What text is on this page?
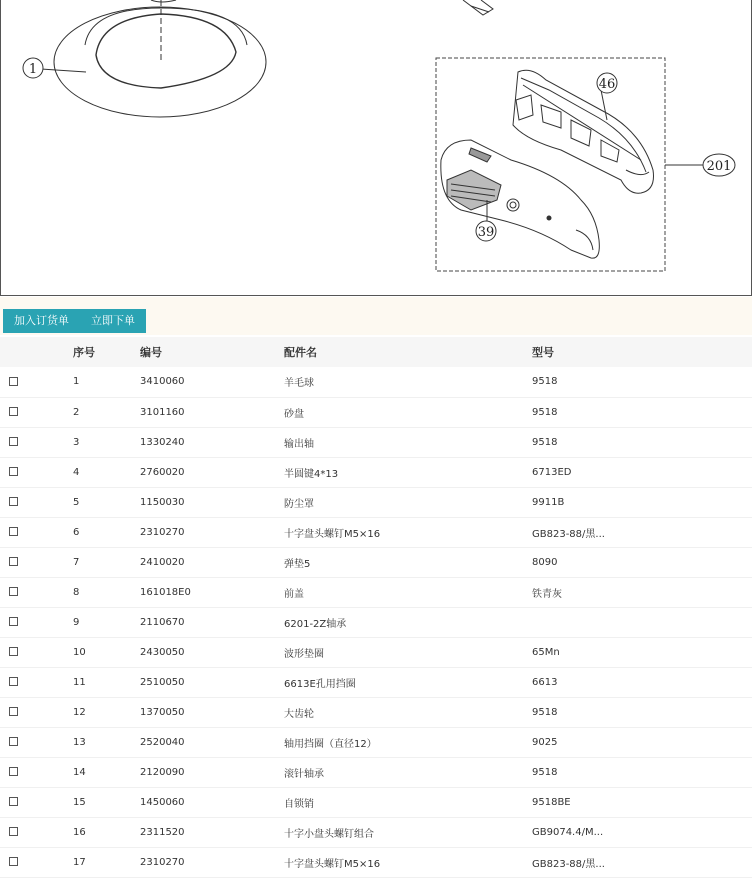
1
201
46
39
加入订货单	立即下单
	序号	编号	配件名	型号
	1	3410060	羊毛球	9518
	2	3101160	砂盘	9518
	3	1330240	输出轴	9518
	4	2760020	半圆键4*13	6713ED
	5	1150030	防尘罩	9911B
	6	2310270	十字盘头螺钉M5×16	GB823-88/黑...
	7	2410020	弹垫5	8090
	8	161018E0	前盖	铁青灰
	9	2110670	6201-2Z轴承	
	10	2430050	波形垫圈	65Mn
	11	2510050	6613E孔用挡圈	6613
	12	1370050	大齿轮	9518
	13	2520040	轴用挡圈（直径12）	9025
	14	2120090	滚针轴承	9518
	15	1450060	自锁销	9518BE
	16	2311520	十字小盘头螺钉组合	GB9074.4/M...
	17	2310270	十字盘头螺钉M5×16	GB823-88/黑...
